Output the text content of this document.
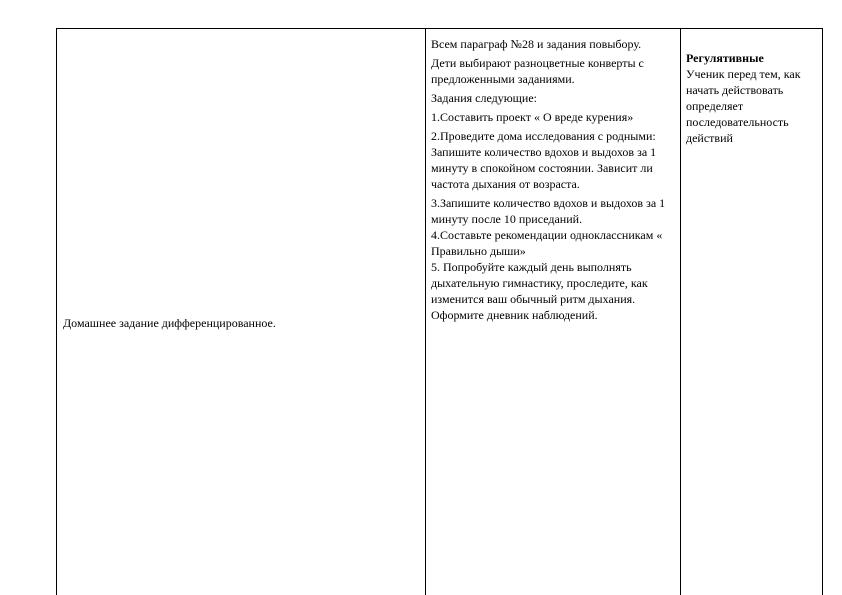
Домашнее задание дифференцированное.

Всем параграф №28 и задания повыбору.

Дети выбирают разноцветные конверты с предложенными заданиями.

Задания следующие:

1.Составить проект « О вреде курения»

2.Проведите дома исследования с родными: Запишите количество вдохов и выдохов за 1 минуту в спокойном состоянии. Зависит ли частота дыхания от возраста.

3.Запишите количество вдохов и выдохов за 1 минуту после 10 приседаний.

4.Составьте рекомендации одноклассникам « Правильно дыши»

5. Попробуйте каждый день выполнять дыхательную гимнастику, проследите, как изменится ваш обычный ритм дыхания. Оформите дневник наблюдений.

Регулятивные
Ученик перед тем, как начать действовать определяет последовательность действий
